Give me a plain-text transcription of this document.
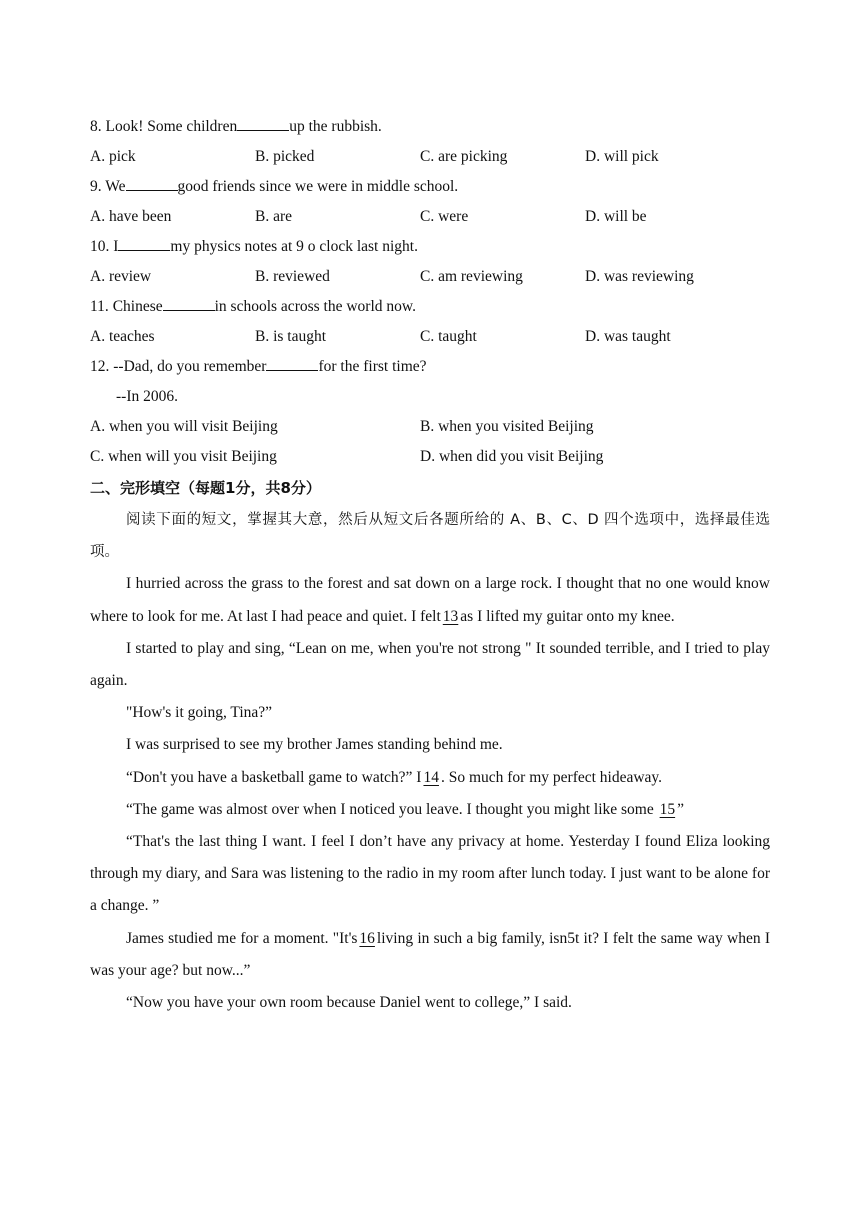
8. Look! Some children	up the rubbish.
A. pick	B. picked	C. are picking	D. will pick
9. We	good friends since we were in middle school.
A. have been	B. are	C. were	D. will be
10. I	my physics notes at 9 o clock last night.
A. review	B. reviewed	C. am reviewing	D. was reviewing
11. Chinese	in schools across the world now.
A. teaches	B. is taught	C. taught	D. was taught
12. --Dad, do you remember	for the first time?
--In 2006.
A. when you will visit Beijing	B. when you visited Beijing
C. when will you visit Beijing	D. when did you visit Beijing
二、完形填空（每题1分，共8分）
阅读下面的短文，掌握其大意，然后从短文后各题所给的 A、B、C、D 四个选项中，选择最佳选项。
I hurried across the grass to the forest and sat down on a large rock. I thought that no one would know where to look for me. At last I had peace and quiet. I felt 13 as I lifted my guitar onto my knee.
I started to play and sing, “Lean on me, when you're not strong " It sounded terrible, and I tried to play again.
"How's it going, Tina?”
I was surprised to see my brother James standing behind me.
“Don't you have a basketball game to watch?” I 14 . So much for my perfect hideaway.
“The game was almost over when I noticed you leave. I thought you might like some 15 ”
“That's the last thing I want. I feel I don’t have any privacy at home. Yesterday I found Eliza looking through my diary, and Sara was listening to the radio in my room after lunch today. I just want to be alone for a change. ”
James studied me for a moment. "It's 16 living in such a big family, isn5t it? I felt the same way when I was your age? but now...”
“Now you have your own room because Daniel went to college,” I said.
